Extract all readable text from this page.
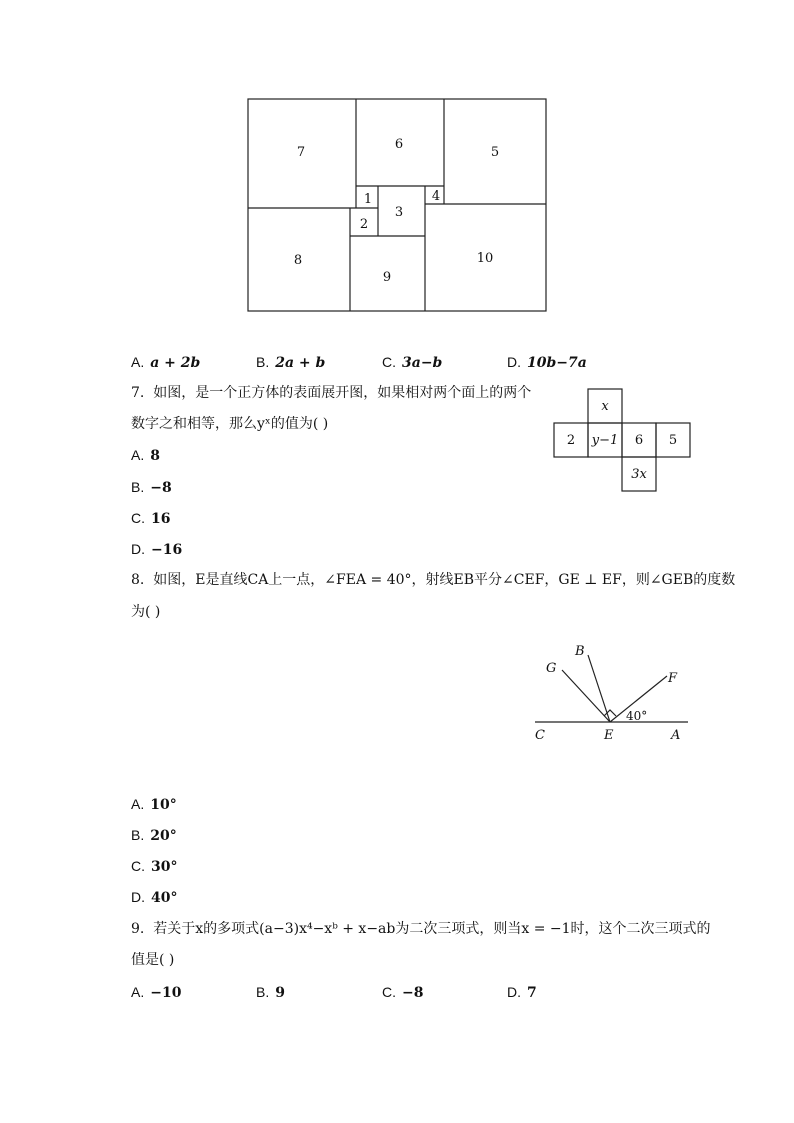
7
6
5
1	4
3
2
8
9
10
A. a + 2b	B. 2a + b	C. 3a−b	D. 10b−7a
7. 如图，是一个正方体的表面展开图，如果相对两个面上的两个
数字之和相等，那么yˣ的值为( )
x
2 y−1 6 5
3x
A. 8
B. −8
C. 16
D. −16
8. 如图，E是直线CA上一点，∠FEA = 40°，射线EB平分∠CEF，GE ⊥ EF，则∠GEB的度数
为( )
G
B
F
C	E	A
40°
A. 10°
B. 20°
C. 30°
D. 40°
9. 若关于x的多项式(a−3)x⁴−xᵇ + x−ab为二次三项式，则当x = −1时，这个二次三项式的
值是( )
A. −10	B. 9	C. −8	D. 7
